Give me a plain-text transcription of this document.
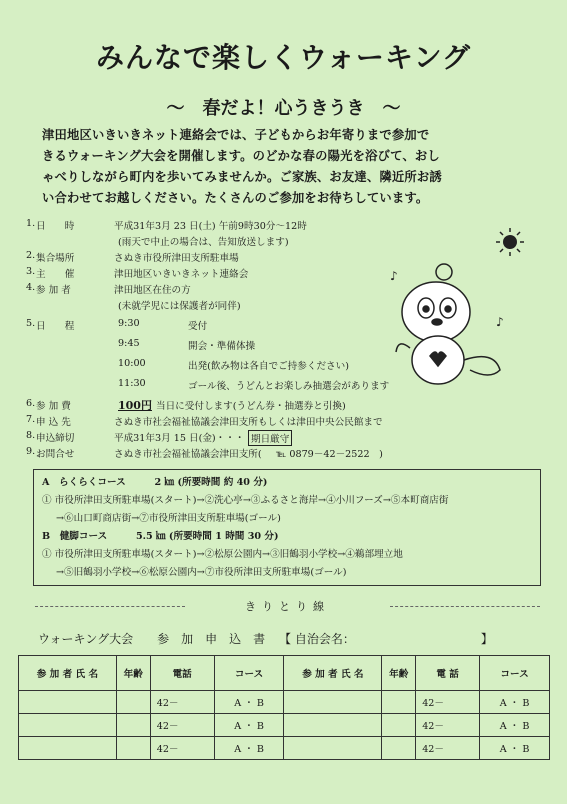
みんなで楽しくウォーキング
～　春だよ！心うきうき　～
津田地区いきいきネット連絡会では、子どもからお年寄りまで参加で
きるウォーキング大会を開催します。のどかな春の陽光を浴びて、おし
ゃべりしながら町内を歩いてみませんか。ご家族、お友達、隣近所お誘
い合わせてお越しください。たくさんのご参加をお待ちしています。
1. 日　　時	平成31年3月 23 日(土) 午前9時30分～12時
(雨天で中止の場合は、告知放送します)
2. 集合場所	さぬき市役所津田支所駐車場
3. 主　　催	津田地区いきいきネット連絡会
4. 参 加 者	津田地区在住の方
(未就学児には保護者が同伴)
5. 日　　程	9:30	受付
9:45	開会・準備体操
10:00	出発(飲み物は各自でご持参ください)
11:30	ゴール後、うどんとお楽しみ抽選会があります
6. 参 加 費	100円 当日に受付します(うどん券・抽選券と引換)
7. 申 込 先	さぬき市社会福祉協議会津田支所もしくは津田中央公民館まで
8. 申込締切	平成31年3月 15 日(金)・・・ 期日厳守
9. お問合せ	さぬき市社会福祉協議会津田支所( ℡ 0879－42－2522　)
♪
♪
A　らくらくコース　　　2 ㎞ (所要時間 約 40 分)
① 市役所津田支所駐車場(スタート)→②洗心亭→③ふるさと海岸→④小川フーズ→⑤本町商店街
→⑥山口町商店街→⑦市役所津田支所駐車場(ゴール)
B　健脚コース　　　5.5 ㎞ (所要時間 1 時間 30 分)
① 市役所津田支所駐車場(スタート)→②松原公園内→③旧鶴羽小学校→④鵜部埋立地
→⑤旧鶴羽小学校→⑥松原公園内→⑦市役所津田支所駐車場(ゴール)
きりとり線
ウォーキング大会　　参　加　申　込　書 【 自治会名：　　　　　　　　　　　】
参 加 者 氏 名	年齢	電話	コース	参 加 者 氏 名	年齢	電 話	コース
		42－	A ・ B			42－	A ・ B
		42－	A ・ B			42－	A ・ B
		42－	A ・ B			42－	A ・ B
